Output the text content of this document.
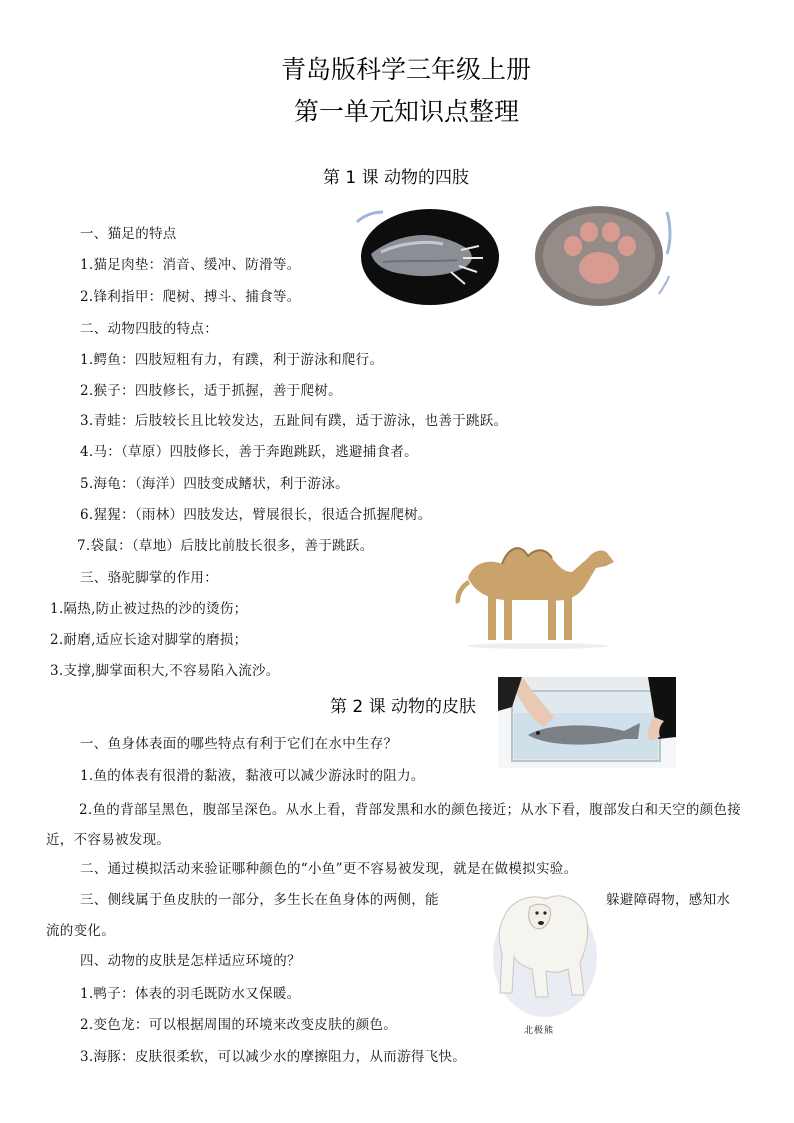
青岛版科学三年级上册
第一单元知识点整理
第 1 课 动物的四肢
一、猫足的特点
1.猫足肉垫：消音、缓冲、防滑等。
2.锋利指甲：爬树、搏斗、捕食等。
二、动物四肢的特点：
1.鳄鱼：四肢短粗有力，有蹼，利于游泳和爬行。
2.猴子：四肢修长，适于抓握，善于爬树。
3.青蛙：后肢较长且比较发达，五趾间有蹼，适于游泳，也善于跳跃。
4.马：（草原）四肢修长，善于奔跑跳跃，逃避捕食者。
5.海龟：（海洋）四肢变成鳍状，利于游泳。
6.猩猩：（雨林）四肢发达，臂展很长，很适合抓握爬树。
7.袋鼠：（草地）后肢比前肢长很多，善于跳跃。
三、骆驼脚掌的作用：
1.隔热,防止被过热的沙的烫伤；
2.耐磨,适应长途对脚掌的磨损；
3.支撑,脚掌面积大,不容易陷入流沙。
第 2 课 动物的皮肤
一、鱼身体表面的哪些特点有利于它们在水中生存？
1.鱼的体表有很滑的黏液，黏液可以减少游泳时的阻力。
2.鱼的背部呈黑色，腹部呈深色。从水上看，背部发黑和水的颜色接近；从水下看，腹部发白和天空的颜色接近，不容易被发现。
二、通过模拟活动来验证哪种颜色的“小鱼”更不容易被发现，就是在做模拟实验。
三、侧线属于鱼皮肤的一部分，多生长在鱼身体的两侧，能	躲避障碍物，感知水
流的变化。
北极熊
四、动物的皮肤是怎样适应环境的？
1.鸭子：体表的羽毛既防水又保暖。
2.变色龙：可以根据周围的环境来改变皮肤的颜色。
3.海豚：皮肤很柔软，可以减少水的摩擦阻力，从而游得飞快。
